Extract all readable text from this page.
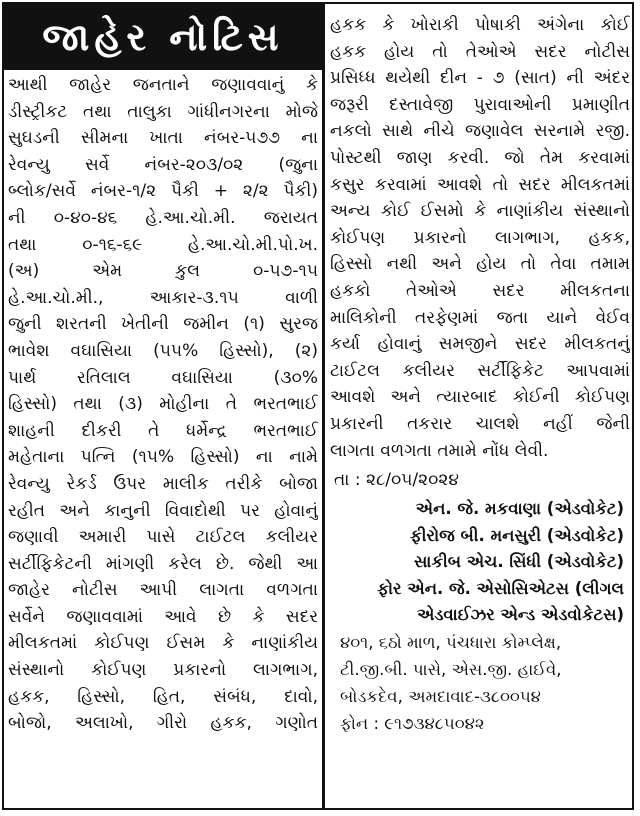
જાહેર નોટિસ
આથી જાહેર જનતાને જણાવવાનું કે
ડીસ્ટ્રીકટ તથા તાલુકા ગાંધીનગરના મોજે
સુઘડની સીમના ખાતા નંબર-૫૭૭ ના
રેવન્યુ સર્વે નંબર-૨૦૩/૦૨ (જુના
બ્લોક/સર્વે નંબર-૧/૨ પૈકી + ૨/૨ પૈકી)
ની ૦-૪૦-૪૬ હે.આ.ચો.મી. જરાયત
તથા ૦-૧૬-૬૯ હે.આ.ચો.મી.પો.ખ.
(અ) એમ કુલ ૦-૫૭-૧૫
હે.આ.ચો.મી., આકાર-૩.૧૫ વાળી
જુની શરતની ખેતીની જમીન (૧) સુરજ
ભાવેશ વઘાસિયા (૫૫% હિસ્સો), (૨)
પાર્થ રતિલાલ વઘાસિયા (૩૦%
હિસ્સો) તથા (૩) મોહીના તે ભરતભાઈ
શાહની દીકરી તે ધર્મેન્દ્ર ભરતભાઈ
મહેતાના પત્નિ (૧૫% હિસ્સો) ના નામે
રેવન્યુ રેકર્ડ ઉપર માલીક તરીકે બોજા
રહીત અને કાનુની વિવાદોથી પર હોવાનું
જણાવી અમારી પાસે ટાઈટલ કલીયર
સર્ટીફિકેટની માંગણી કરેલ છે. જેથી આ
જાહેર નોટીસ આપી લાગતા વળગતા
સર્વેને જણાવવામાં આવે છે કે સદર
મીલકતમાં કોઈપણ ઈસમ કે નાણાંકીય
સંસ્થાનો કોઈપણ પ્રકારનો લાગભાગ,
હકક, હિસ્સો, હિત, સંબંધ, દાવો,
બોજો, અલાખો, ગીરો હકક, ગણોત
હકક કે ખોરાકી પોષાકી અંગેના કોઈ
હકક હોય તો તેઓએ સદર નોટીસ
પ્રસિધ્ધ થયેથી દીન - ૭ (સાત) ની અંદર
જરૂરી દસ્તાવેજી પુરાવાઓની પ્રમાણીત
નકલો સાથે નીચે જણાવેલ સરનામે રજી.
પોસ્ટથી જાણ કરવી. જો તેમ કરવામાં
કસુર કરવામાં આવશે તો સદર મીલકતમાં
અન્ય કોઈ ઈસમો કે નાણાંકીય સંસ્થાનો
કોઈપણ પ્રકારનો લાગભાગ, હકક,
હિસ્સો નથી અને હોય તો તેવા તમામ
હકકો તેઓએ સદર મીલકતના
માલિકોની તરફેણમાં જતા યાને વેઈવ
કર્યા હોવાનું સમજીને સદર મીલકતનું
ટાઈટલ કલીયર સર્ટીફિકેટ આપવામાં
આવશે અને ત્યારબાદ કોઈની કોઈપણ
પ્રકારની તકરાર ચાલશે નહીં જેની
લાગતા વળગતા તમામે નોંધ લેવી.
તા : ૨૮/૦૫/૨૦૨૪
એન. જે. મકવાણા (એડવોકેટ)
ફીરોજ બી. મનસુરી (એડવોકેટ)
સાકીબ એચ. સિંધી (એડવોકેટ)
ફોર એન. જે. એસોસિએટસ (લીગલ
એડવાઈઝર એન્ડ એડવોકેટસ)
૪૦૧, ૬ઠો માળ, પંચધારા કોમ્પ્લેક્ષ,
ટી.જી.બી. પાસે, એસ.જી. હાઈવે,
બોડકદેવ, અમદાવાદ-૩૮૦૦૫૪
ફોન : ૯૧૭૩૪૮૫૦૪૨
